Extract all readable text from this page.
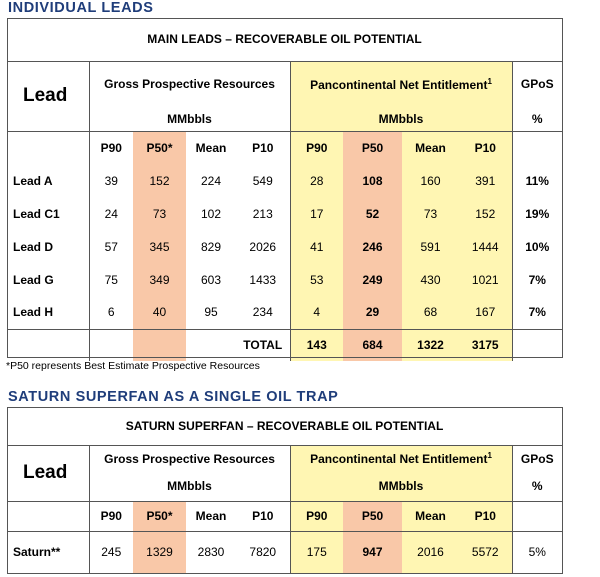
INDIVIDUAL LEADS
MAIN LEADS – RECOVERABLE OIL POTENTIAL									
Lead	Gross Prospective Resources				Pancontinental Net Entitlement$^1$				GPoS
	MMbbls				MMbbls				%
	P90	P50*	Mean	P10	P90	P50	Mean	P10	
Lead A	39	152	224	549	28	108	160	391	11%
Lead C1	24	73	102	213	17	52	73	152	19%
Lead D	57	345	829	2026	41	246	591	1444	10%
Lead G	75	349	603	1433	53	249	430	1021	7%
Lead H	6	40	95	234	4	29	68	167	7%
				TOTAL	143	684	1322	3175	
*P50 represents Best Estimate Prospective Resources
SATURN SUPERFAN AS A SINGLE OIL TRAP
SATURN SUPERFAN – RECOVERABLE OIL POTENTIAL									
Lead	Gross Prospective Resources				Pancontinental Net Entitlement$^1$				GPoS
	MMbbls				MMbbls				%
	P90	P50*	Mean	P10	P90	P50	Mean	P10	
Saturn**	245	1329	2830	7820	175	947	2016	5572	5%
